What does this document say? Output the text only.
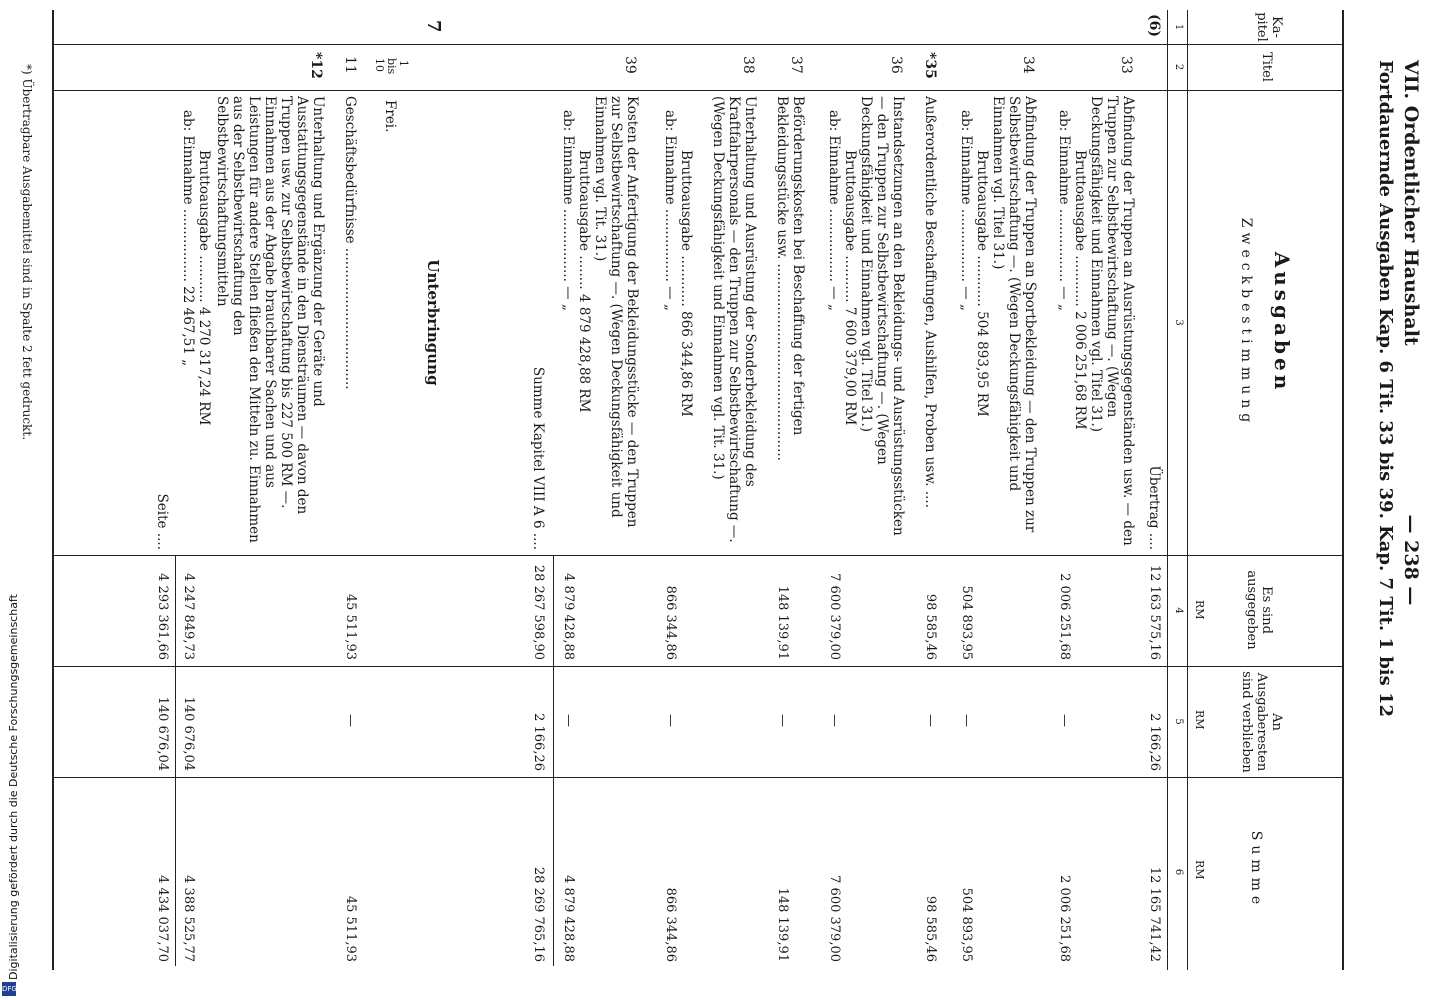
VII. Ordentlicher Haushalt
— 238 —
Fortdauernde Ausgaben Kap. 6 Tit. 33 bis 39. Kap. 7 Tit. 1 bis 12
Ka-pitel
Titel
Ausgaben
Zweckbestimmung
Es sind ausgegeben
An Ausgaberesten sind verblieben
Summe
RM
RM
RM
1
2
3
4
5
6
(6)
Übertrag ....
12 163 575,16
2 166,26
12 165 741,42
33
Abfindung der Truppen an Ausrüstungsgegenständen usw. — den Truppen zur Selbstbewirtschaftung —. (Wegen Deckungsfähigkeit und Einnahmen vgl. Titel 31.)
Bruttoausgabe ............ 2 006 251,68 RM
ab: Einnahme ................. — „
2 006 251,68
—
2 006 251,68
34
Abfindung der Truppen an Sportbekleidung — den Truppen zur Selbstbewirtschaftung —. (Wegen Deckungsfähigkeit und Einnahmen vgl. Titel 31.)
Bruttoausgabe ............ 504 893,95 RM
ab: Einnahme ................. — „
504 893,95
—
504 893,95
*35
Außerordentliche Beschaffungen, Aushilfen, Proben usw. ....
98 585,46
—
98 585,46
36
Instandsetzungen an den Bekleidungs- und Ausrüstungsstücken — den Truppen zur Selbstbewirtschaftung —. (Wegen Deckungsfähigkeit und Einnahmen vgl. Titel 31.)
Bruttoausgabe ........... 7 600 379,00 RM
ab: Einnahme ................. — „
7 600 379,00
—
7 600 379,00
37
Beförderungskosten bei Beschaffung der fertigen Bekleidungsstücke usw. ..............................................
148 139,91
—
148 139,91
38
Unterhaltung und Ausrüstung der Sonderbekleidung des Kraftfahrpersonals — den Truppen zur Selbstbewirtschaftung —. (Wegen Deckungsfähigkeit und Einnahmen vgl. Tit. 31.)
Bruttoausgabe ............ 866 344,86 RM
ab: Einnahme ................. — „
866 344,86
—
866 344,86
39
Kosten der Anfertigung der Bekleidungsstücke — den Truppen zur Selbstbewirtschaftung —. (Wegen Deckungsfähigkeit und Einnahmen vgl. Tit. 31.)
Bruttoausgabe ........ 4 879 428,88 RM
ab: Einnahme ................. — „
4 879 428,88
—
4 879 428,88
Summe Kapitel VIII A 6 ....
28 267 598,90
2 166,26
28 269 765,16
7
Unterbringung
1
bis
10
Frei.
11
Geschäftsbedürfnisse .................................
45 511,93
—
45 511,93
*12
Unterhaltung und Ergänzung der Geräte und Ausstattungsgegenstände in den Diensträumen — davon den Truppen usw. zur Selbstbewirtschaftung bis 227 500 RM —. Einnahmen aus der Abgabe brauchbarer Sachen und aus Leistungen für andere Stellen fließen den Mitteln zu. Einnahmen aus der Selbstbewirtschaftung den Selbstbewirtschaftungsmitteln
Bruttoausgabe ........... 4 270 317,24 RM
ab: Einnahme ................. 22 467,51 „
4 247 849,73
140 676,04
4 388 525,77
Seite ....
4 293 361,66
140 676,04
4 434 037,70
*) Übertragbare Ausgabemittel sind in Spalte 2 fett gedruckt.
Digitalisierung gefördert durch die Deutsche Forschungsgemeinschaft
DFG
